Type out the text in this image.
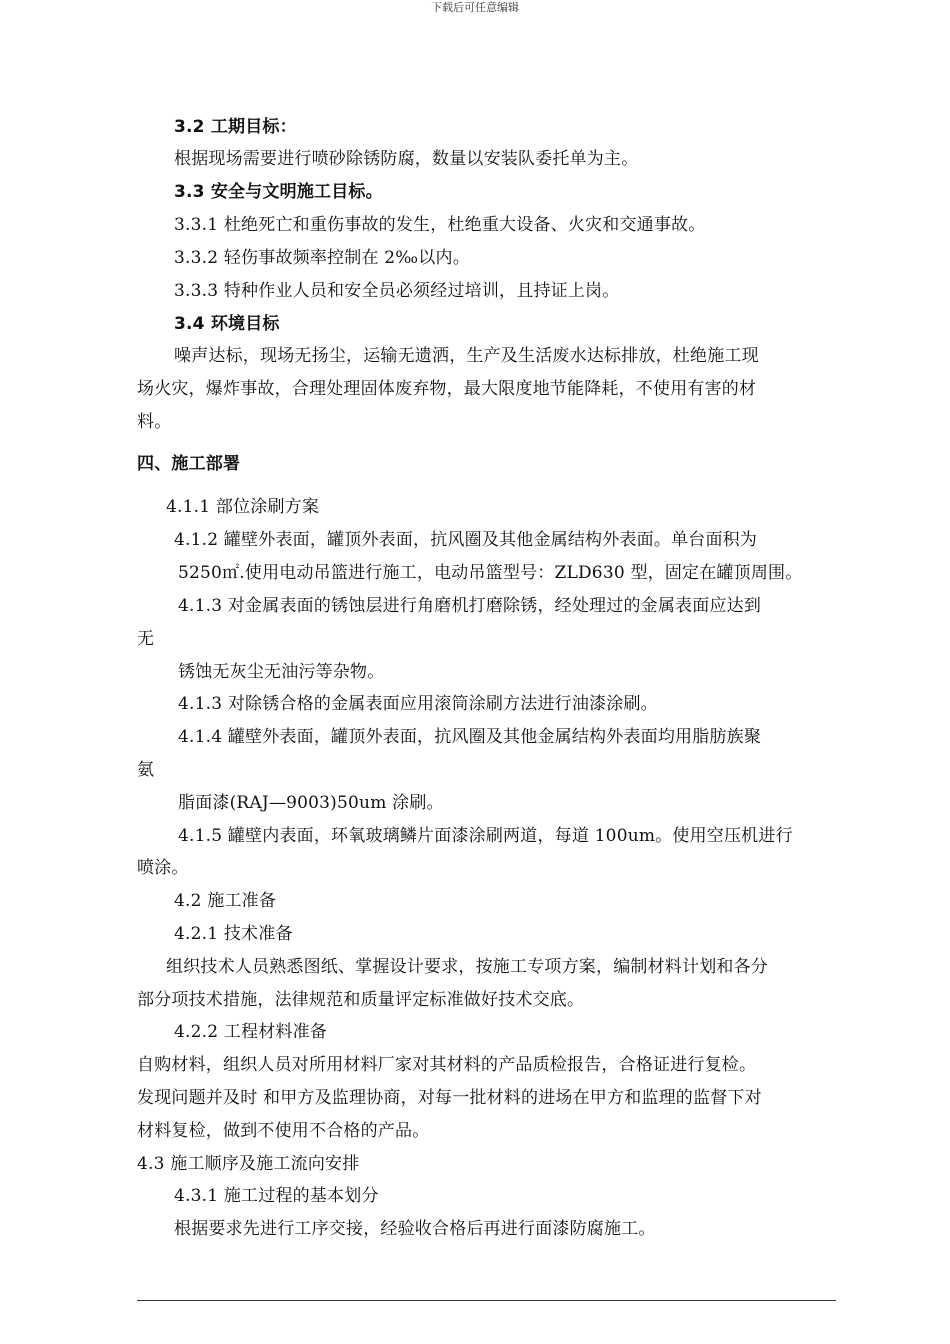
下载后可任意编辑
3.2 工期目标：
根据现场需要进行喷砂除锈防腐，数量以安装队委托单为主。
3.3 安全与文明施工目标。
3.3.1 杜绝死亡和重伤事故的发生，杜绝重大设备、火灾和交通事故。
3.3.2 轻伤事故频率控制在 2‰以内。
3.3.3 特种作业人员和安全员必须经过培训，且持证上岗。
3.4 环境目标
噪声达标，现场无扬尘，运输无遗洒，生产及生活废水达标排放，杜绝施工现
场火灾，爆炸事故，合理处理固体废弃物，最大限度地节能降耗，不使用有害的材
料。
四、施工部署
4.1.1 部位涂刷方案
4.1.2 罐壁外表面，罐顶外表面，抗风圈及其他金属结构外表面。单台面积为
5250㎡.使用电动吊篮进行施工，电动吊篮型号：ZLD630 型，固定在罐顶周围。
4.1.3 对金属表面的锈蚀层进行角磨机打磨除锈，经处理过的金属表面应达到
无
锈蚀无灰尘无油污等杂物。
4.1.3 对除锈合格的金属表面应用滚筒涂刷方法进行油漆涂刷。
4.1.4 罐壁外表面，罐顶外表面，抗风圈及其他金属结构外表面均用脂肪族聚
氨
脂面漆(RAJ—9003)50um 涂刷。
4.1.5 罐壁内表面，环氧玻璃鳞片面漆涂刷两道，每道 100um。使用空压机进行
喷涂。
4.2 施工准备
4.2.1 技术准备
组织技术人员熟悉图纸、掌握设计要求，按施工专项方案，编制材料计划和各分
部分项技术措施，法律规范和质量评定标准做好技术交底。
4.2.2 工程材料准备
自购材料，组织人员对所用材料厂家对其材料的产品质检报告，合格证进行复检。
发现问题并及时 和甲方及监理协商，对每一批材料的进场在甲方和监理的监督下对
材料复检，做到不使用不合格的产品。
4.3 施工顺序及施工流向安排
4.3.1 施工过程的基本划分
根据要求先进行工序交接，经验收合格后再进行面漆防腐施工。
